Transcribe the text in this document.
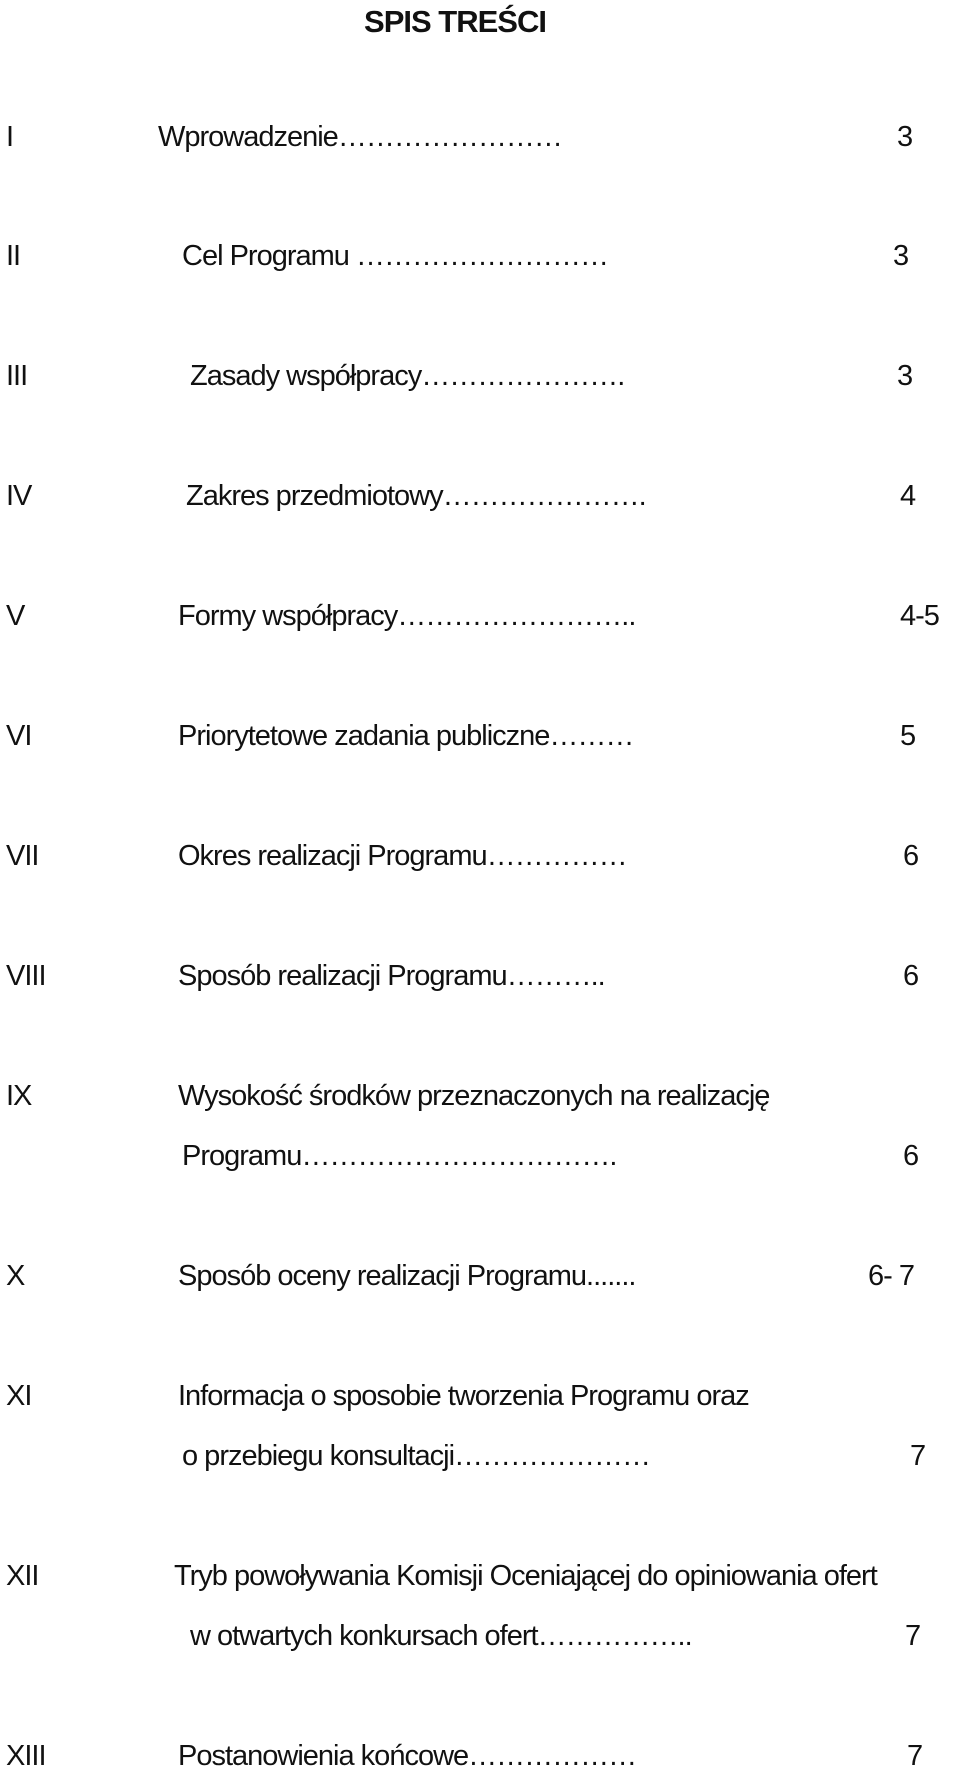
SPIS TREŚCI
I	Wprowadzenie……………………	3
II	Cel Programu ………………………	3
III	Zasady współpracy………………….	3
IV	Zakres przedmiotowy………………….	4
V	Formy współpracy……………………..	4-5
VI	Priorytetowe zadania publiczne………	5
VII	Okres realizacji Programu……………	6
VIII	Sposób realizacji Programu………..	6
IX	Wysokość środków przeznaczonych na realizację
Programu…………………………….	6
X	Sposób oceny realizacji Programu.......	6- 7
XI	Informacja o sposobie tworzenia Programu oraz
o przebiegu konsultacji…………………	7
XII	Tryb powoływania Komisji Oceniającej do opiniowania ofert
w otwartych konkursach ofert……………..	7
XIII	Postanowienia końcowe………………	7
